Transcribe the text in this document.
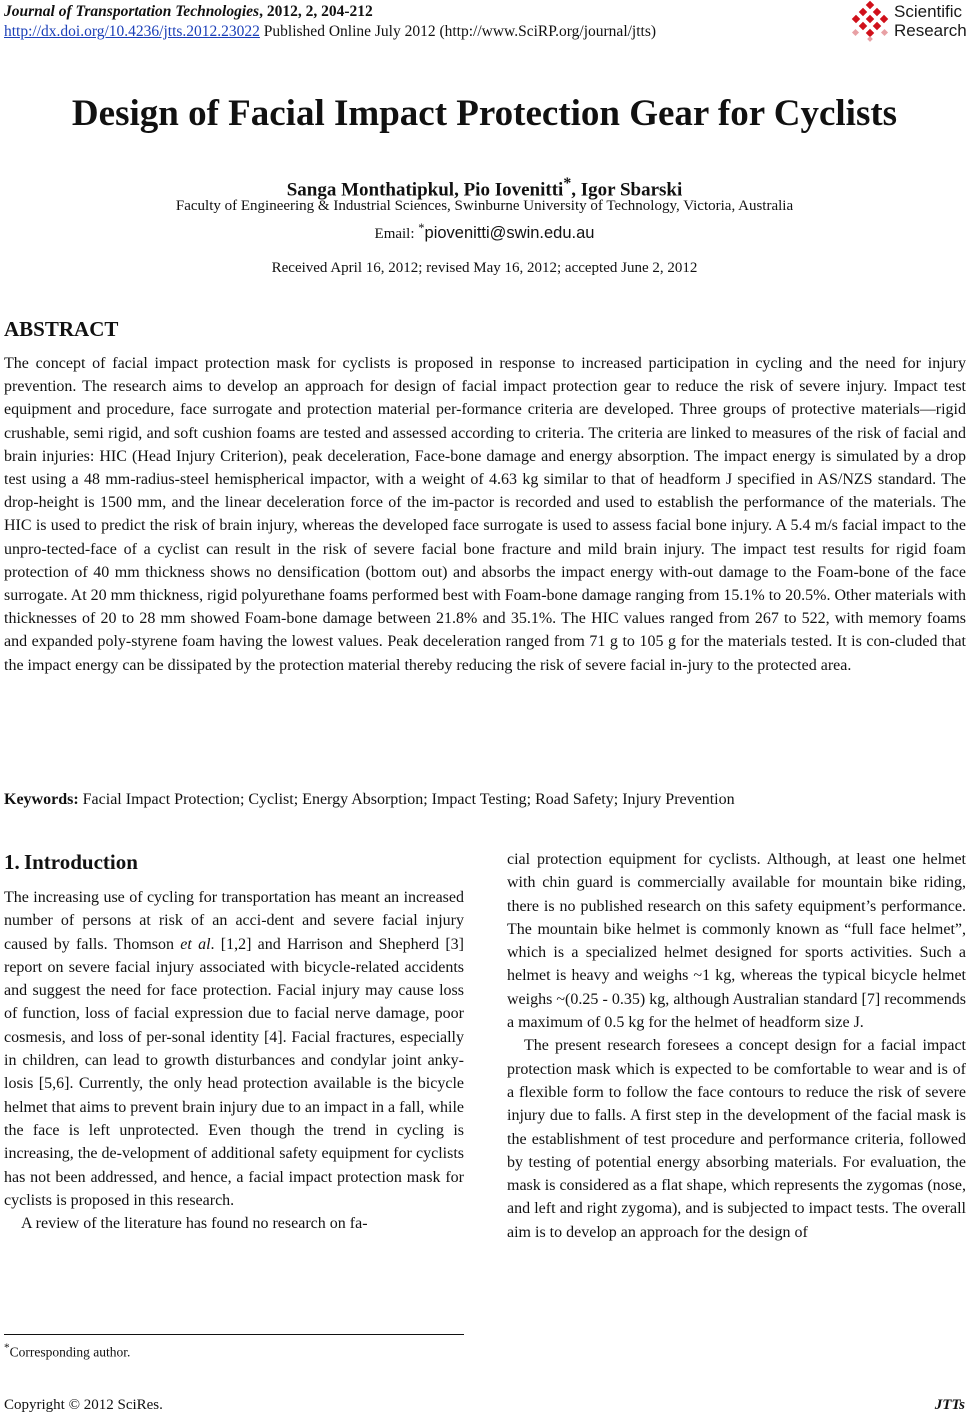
Journal of Transportation Technologies, 2012, 2, 204-212
http://dx.doi.org/10.4236/jtts.2012.23022 Published Online July 2012 (http://www.SciRP.org/journal/jtts)
Scientific
Research
Design of Facial Impact Protection Gear for Cyclists
Sanga Monthatipkul, Pio Iovenitti*, Igor Sbarski
Faculty of Engineering & Industrial Sciences, Swinburne University of Technology, Victoria, Australia
Email: *piovenitti@swin.edu.au
Received April 16, 2012; revised May 16, 2012; accepted June 2, 2012
ABSTRACT

The concept of facial impact protection mask for cyclists is proposed in response to increased participation in cycling and the need for injury prevention. The research aims to develop an approach for design of facial impact protection gear to reduce the risk of severe injury. Impact test equipment and procedure, face surrogate and protection material per-formance criteria are developed. Three groups of protective materials—rigid crushable, semi rigid, and soft cushion foams are tested and assessed according to criteria. The criteria are linked to measures of the risk of facial and brain injuries: HIC (Head Injury Criterion), peak deceleration, Face-bone damage and energy absorption. The impact energy is simulated by a drop test using a 48 mm-radius-steel hemispherical impactor, with a weight of 4.63 kg similar to that of headform J specified in AS/NZS standard. The drop-height is 1500 mm, and the linear deceleration force of the im-pactor is recorded and used to establish the performance of the materials. The HIC is used to predict the risk of brain injury, whereas the developed face surrogate is used to assess facial bone injury. A 5.4 m/s facial impact to the unpro-tected-face of a cyclist can result in the risk of severe facial bone fracture and mild brain injury. The impact test results for rigid foam protection of 40 mm thickness shows no densification (bottom out) and absorbs the impact energy with-out damage to the Foam-bone of the face surrogate. At 20 mm thickness, rigid polyurethane foams performed best with Foam-bone damage ranging from 15.1% to 20.5%. Other materials with thicknesses of 20 to 28 mm showed Foam-bone damage between 21.8% and 35.1%. The HIC values ranged from 267 to 522, with memory foams and expanded poly-styrene foam having the lowest values. Peak deceleration ranged from 71 g to 105 g for the materials tested. It is con-cluded that the impact energy can be dissipated by the protection material thereby reducing the risk of severe facial in-jury to the protected area.

Keywords: Facial Impact Protection; Cyclist; Energy Absorption; Impact Testing; Road Safety; Injury Prevention
1. Introduction

The increasing use of cycling for transportation has meant an increased number of persons at risk of an acci-dent and severe facial injury caused by falls. Thomson et al. [1,2] and Harrison and Shepherd [3] report on severe facial injury associated with bicycle-related accidents and suggest the need for face protection. Facial injury may cause loss of function, loss of facial expression due to facial nerve damage, poor cosmesis, and loss of per-sonal identity [4]. Facial fractures, especially in children, can lead to growth disturbances and condylar joint anky-losis [5,6]. Currently, the only head protection available is the bicycle helmet that aims to prevent brain injury due to an impact in a fall, while the face is left unprotected. Even though the trend in cycling is increasing, the de-velopment of additional safety equipment for cyclists has not been addressed, and hence, a facial impact protection mask for cyclists is proposed in this research.

A review of the literature has found no research on fa-

cial protection equipment for cyclists. Although, at least one helmet with chin guard is commercially available for mountain bike riding, there is no published research on this safety equipment’s performance. The mountain bike helmet is commonly known as “full face helmet”, which is a specialized helmet designed for sports activities. Such a helmet is heavy and weighs ~1 kg, whereas the typical bicycle helmet weighs ~(0.25 - 0.35) kg, although Australian standard [7] recommends a maximum of 0.5 kg for the helmet of headform size J.

The present research foresees a concept design for a facial impact protection mask which is expected to be comfortable to wear and is of a flexible form to follow the face contours to reduce the risk of severe injury due to falls. A first step in the development of the facial mask is the establishment of test procedure and performance criteria, followed by testing of potential energy absorbing materials. For evaluation, the mask is considered as a flat shape, which represents the zygomas (nose, and left and right zygoma), and is subjected to impact tests. The overall aim is to develop an approach for the design of

*Corresponding author.
Copyright © 2012 SciRes.	JTTs
